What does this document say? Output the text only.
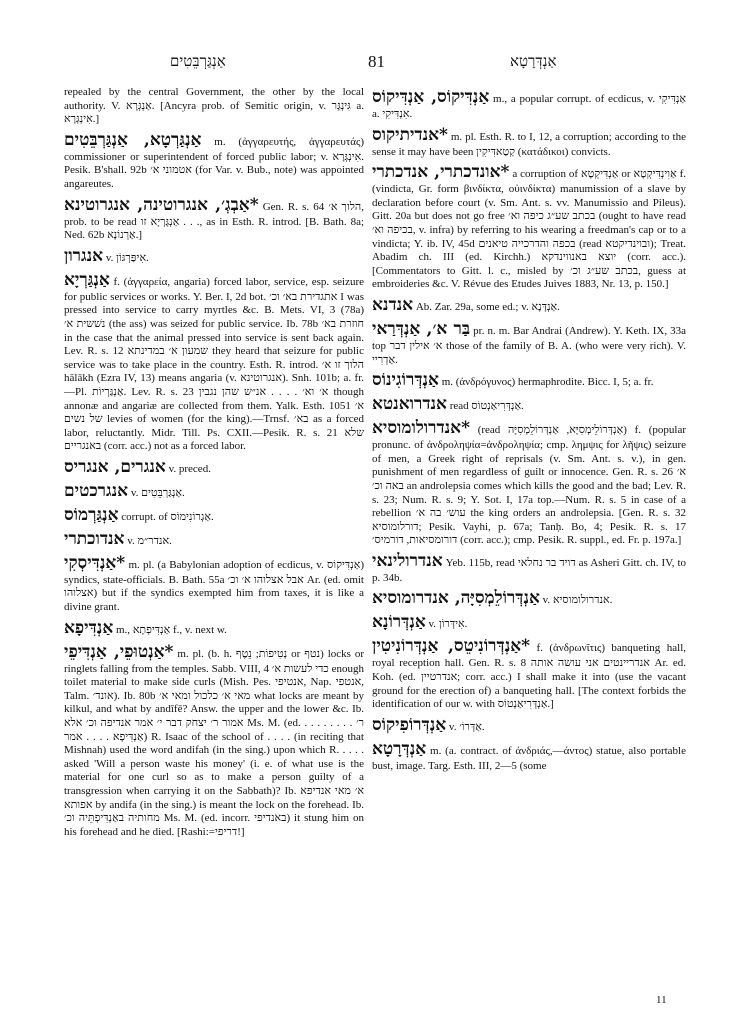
אַנְגַּרְבֵּטִים	81	אַנְדְּרָטָא

repealed by the central Government, the other by the local authority. V. אַנְגְּרָא. [Ancyra prob. of Semitic origin, v. גִּינְגָּר a. אִינְגְּרָא.]

אַנְגַּרְטָא, אַנְגַּרְבֵּטִים m. (ἀγγαρευτής, ἀγγαρευτάς) commissioner or superintendent of forced public labor; v. אִינְגְּרָא. Pesik. B'shall. 92b אטמוני א׳ (for Var. v. Bub., note) was appointed angareutes.

*אַבְגְ׳, אנגרוטינה, אנגרוטינא Gen. R. s. 64 הלוך א׳, prob. to be read אַנְגָּרְיָא זו . . ., as in Esth. R. introd. [B. Bath. 8a; Ned. 62b אַרְנוֹנָא.]

אנגרון v. אִיפַּרְגּוֹן.

אַנְגַּרְיָא f. (ἀγγαρεία, angaria) forced labor, service, esp. seizure for public services or works. Y. Ber. I, 2d bot. אתגדירת בא׳ וכ׳ I was pressed into service to carry myrtles &c. B. Mets. VI, 3 (78a) נשׁשית א׳ (the ass) was seized for public service. Ib. 78b חוזרת בא׳ in the case that the animal pressed into service is sent back again. Lev. R. s. 12 שמעון א׳ במדינתא they heard that seizure for public service was to take place in the country. Esth. R. introd. הלוך זו א׳ hălākh (Ezra IV, 13) means angaria (v. אנגרוטינא). Snh. 101b; a. fr.—Pl. אַנְגַּרְיוֹת. Lev. R. s. 23 א׳ וא׳ . . . . אנ״ש שהן נגבין though annonæ and angariæ are collected from them. Yalk. Esth. 1051 א׳ של נשים levies of women (for the king).—Trnsf. בא׳ as a forced labor, reluctantly. Midr. Till. Ps. CXII.—Pesik. R. s. 21 שלא באנגריים (corr. acc.) not as a forced labor.

אנגרים, אנגריס v. preced.

אנגרכטים v. אַנְגַּרְבֵּטִים.

אַנְגַּרְמוֹס corrupt. of אַגְרוֹנִימוֹס.

אנדוכתרי v. אנדר״מ.

*אַנְדִּיסְקִי m. pl. (a Babylonian adoption of ecdicus, v. אַנְדִּיקוֹס) syndics, state-officials. B. Bath. 55a אבל אצלוהו א׳ וכ׳ Ar. (ed. omit אצלוהו) but if the syndics exempted him from taxes, it is like a divine grant.

אַנְדִּיפָא m., אַנְדִּיפְתָא f., v. next w.

*אַנְטוּפֵי, אַנְדִּיפֵי m. pl. (b. h. נְטִיפוֹת; נֵטֶף or נטף) locks or ringlets falling from the temples. Sabb. VIII, 4 כדי לעשות א׳ enough toilet material to make side curls (Mish. Pes. אנטיפי, Nap. אנטפי, Talm. אונד׳). Ib. 80b מאי א׳ כלכול ומאי א׳ what locks are meant by kilkul, and what by andīfē? Answ. the upper and the lower &c. Ib. אמור ר׳ יצחק דבר י׳ אמר אנדיפה וכ׳ אלא Ms. M. (ed. . . . . ר׳ . . . . אַנְדִּיפָא . . . . אמר) R. Isaac of the school of . . . . (in reciting that Mishnah) used the word andifah (in the sing.) upon which R. . . . . asked 'Will a person waste his money' (i. e. of what use is the material for one curl so as to make a person guilty of a transgression when carrying it on the Sabbath)? Ib. א׳ מאי אנדיפא אפותא by andifa (in the sing.) is meant the lock on the forehead. Ib. מחותיה באַנְדִּיפְתֵּיה וכ׳ Ms. M. (ed. incorr. באנדיפי) it stung him on his forehead and he died. [Rashi:=דריפי!]

אַנְדִּיקוֹס, אַנְדִּיקוֹס m., a popular corrupt. of ecdicus, v. אַנְדִּיקִי a. אִנְדִּיקִי.

*אנדיתיקוס m. pl. Esth. R. to I, 12, a corruption; according to the sense it may have been קַטַאדִּיקִין (κατάδικοι) convicts.

*אונדכתרי, אנדכתרי a corruption of אַנְדִּיקְטָא or אַוִינְדִּיקְטָא f. (vindicta, Gr. form βινδίκτα, οὐινδίκτα) manumission of a slave by declaration before court (v. Sm. Ant. s. vv. Manumissio and Pileus). Gitt. 20a but does not go free בכתב שע״ג כיפה וא׳ (ought to have read בכיפה וא׳, v. infra) by referring to his wearing a freedman's cap or to a vindicta; Y. ib. IV, 45d בכפה והדרכייה טיאנים (read ובוינדיקטא); Treat. Abadim ch. III (ed. Kirchh.) יוצא באנווינדקא (corr. acc.). [Commentators to Gitt. l. c., misled by בכתב שע״ג וכ׳, guess at embroideries &c. V. Révue des Etudes Juives 1883, Nr. 13, p. 150.]

אנדנא Ab. Zar. 29a, some ed.; v. אַנְדָּנָא.

בַּר א׳, אַנְדְּרַאי pr. n. m. Bar Andrai (Andrew). Y. Keth. IX, 33a top א׳ אילין דבר those of the family of B. A. (who were very rich). V. אַדְרִיי.

אַנְדְּרוֹגִינוֹס m. (ἀνδρόγυνος) hermaphrodite. Bicc. I, 5; a. fr.

אנדרואנטא read אַנְדְּרִיאַנְטוֹס.

*אנדרולומוסיא (read אַנְדְּרוֹלֵימְסִיָּא, אַנְדְּרוֹלֵמְסִיָּה) f. (popular pronunc. of ἀνδροληψία=ἀνδροληψία; cmp. λημψις for λῆψις) seizure of men, a Greek right of reprisals (v. Sm. Ant. s. v.), in gen. punishment of men regardless of guilt or innocence. Gen. R. s. 26 א׳ באה וכ׳ an androlepsia comes which kills the good and the bad; Lev. R. s. 23; Num. R. s. 9; Y. Sot. I, 17a top.—Num. R. s. 5 in case of a rebellion עוש׳ בה א׳ the king orders an androlepsia. [Gen. R. s. 32 דורלומוסיא; Pesik. Vayhi, p. 67a; Tanḥ. Bo, 4; Pesik. R. s. 17 דורומסיאות, דורמיס׳ (corr. acc.); cmp. Pesik. R. suppl., ed. Fr. p. 197a.]

אנדרולינאי Yeb. 115b, read דויד בר נחלאי as Asheri Gitt. ch. IV, to p. 34b.

אַנְדְּרוֹלֵמְסִיָּה, אנדרומוסיא v. אנדרולומוסיא.

אַנְדְּרוֹנָא v. אִידְּרוֹן.

*אַנְדְּרוֹנִיטֵס, אַנְדְּרוֹנִיטִין f. (ἀνδρωνῖτις) banqueting hall, royal reception hall. Gen. R. s. 8 אנדריינטים אני עושה אותה Ar. ed. Koh. (ed. אנדרטיין; corr. acc.) I shall make it into (use the vacant ground for the erection of) a banqueting hall. [The context forbids the identification of our w. with אַנְדְּרִיאַנְטוֹס.]

אַנְדְּרוֹפִיקוֹס v. אַדְּרוֹ׳.

אַנְדְּרָטָא m. (a. contract. of ἀνδριάς,—άντος) statue, also portable bust, image. Targ. Esth. III, 2—5 (some

11
